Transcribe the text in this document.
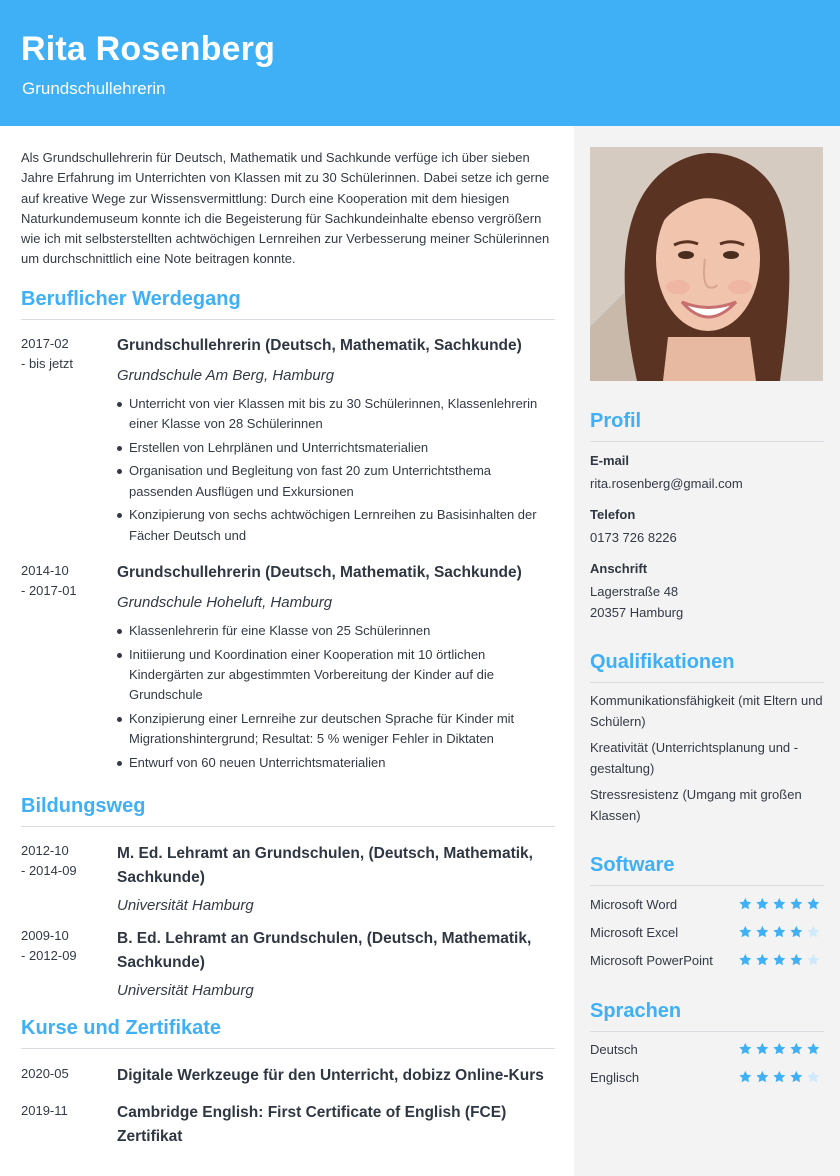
Rita Rosenberg
Grundschullehrerin
Als Grundschullehrerin für Deutsch, Mathematik und Sachkunde verfüge ich über sieben Jahre Erfahrung im Unterrichten von Klassen mit zu 30 Schülerinnen. Dabei setze ich gerne auf kreative Wege zur Wissensvermittlung: Durch eine Kooperation mit dem hiesigen Naturkundemuseum konnte ich die Begeisterung für Sachkundeinhalte ebenso vergrößern wie ich mit selbsterstellten achtwöchigen Lernreihen zur Verbesserung meiner Schülerinnen um durchschnittlich eine Note beitragen konnte.
Beruflicher Werdegang
2017-02
- bis jetzt
Grundschullehrerin (Deutsch, Mathematik, Sachkunde)
Grundschule Am Berg, Hamburg
Unterricht von vier Klassen mit bis zu 30 Schülerinnen, Klassenlehrerin einer Klasse von 28 Schülerinnen
Erstellen von Lehrplänen und Unterrichtsmaterialien
Organisation und Begleitung von fast 20 zum Unterrichtsthema passenden Ausflügen und Exkursionen
Konzipierung von sechs achtwöchigen Lernreihen zu Basisinhalten der Fächer Deutsch und
2014-10
- 2017-01
Grundschullehrerin (Deutsch, Mathematik, Sachkunde)
Grundschule Hoheluft, Hamburg
Klassenlehrerin für eine Klasse von 25 Schülerinnen
Initiierung und Koordination einer Kooperation mit 10 örtlichen Kindergärten zur abgestimmten Vorbereitung der Kinder auf die Grundschule
Konzipierung einer Lernreihe zur deutschen Sprache für Kinder mit Migrationshintergrund; Resultat: 5 % weniger Fehler in Diktaten
Entwurf von 60 neuen Unterrichtsmaterialien
Bildungsweg
2012-10
- 2014-09
M. Ed. Lehramt an Grundschulen, (Deutsch, Mathematik, Sachkunde)
Universität Hamburg
2009-10
- 2012-09
B. Ed. Lehramt an Grundschulen, (Deutsch, Mathematik, Sachkunde)
Universität Hamburg
Kurse und Zertifikate
2020-05	Digitale Werkzeuge für den Unterricht, dobizz Online-Kurs
2019-11	Cambridge English: First Certificate of English (FCE) Zertifikat
Profil
E-mail
rita.rosenberg@gmail.com
Telefon
0173 726 8226
Anschrift
Lagerstraße 48
20357 Hamburg
Qualifikationen
Kommunikationsfähigkeit (mit Eltern und Schülern)
Kreativität (Unterrichtsplanung und -gestaltung)
Stressresistenz (Umgang mit großen Klassen)
Software
Microsoft Word
Microsoft Excel
Microsoft PowerPoint
Sprachen
Deutsch
Englisch
